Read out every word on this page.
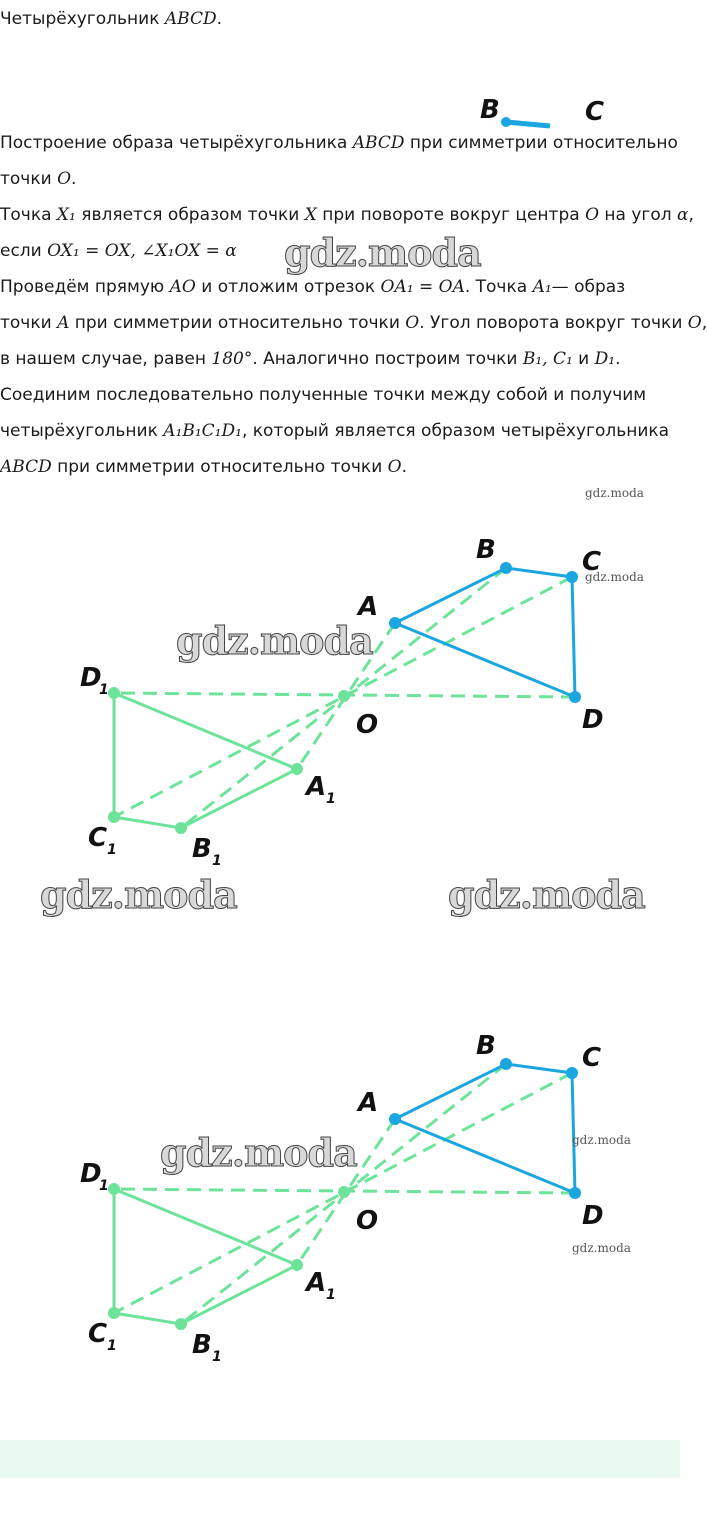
Четырёхугольник ABCD.
B	C
Построение образа четырёхугольника ABCD при симметрии относительно
точки O.
Точка X₁ является образом точки X при повороте вокруг центра O на угол α,
если OX₁ = OX, ∠X₁OX = α gdz.moda
Проведём прямую AO и отложим отрезок OA₁ = OA. Точка A₁— образ
точки A при симметрии относительно точки O. Угол поворота вокруг точки O,
в нашем случае, равен 180°. Аналогично построим точки B₁, C₁ и D₁.
Соединим последовательно полученные точки между собой и получим
четырёхугольник A₁B₁C₁D₁, который является образом четырёхугольника
ABCD при симметрии относительно точки O.
gdz.moda
A
B	C
D
O
A 1
B 1
C 1
D
1
gdz.moda
gdz.moda
gdz.moda	gdz.moda
A
B	C
D
O
A 1
B 1
C 1
D
1
gdz.moda	gdz.moda
gdz.moda
